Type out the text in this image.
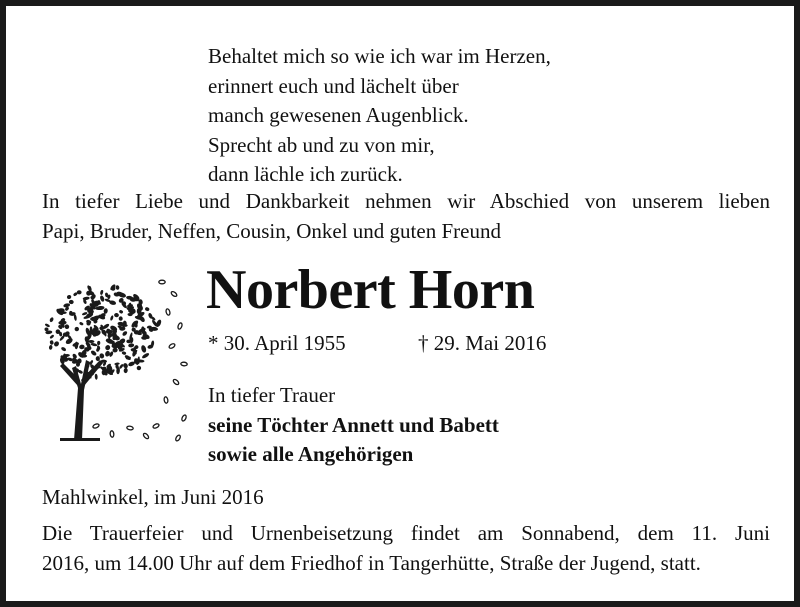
Behaltet mich so wie ich war im Herzen,
erinnert euch und lächelt über
manch gewesenen Augenblick.
Sprecht ab und zu von mir,
dann lächle ich zurück.
In tiefer Liebe und Dankbarkeit nehmen wir Abschied von unserem lieben
Papi, Bruder, Neffen, Cousin, Onkel und guten Freund
Norbert Horn
* 30. April 1955	† 29. Mai 2016
In tiefer Trauer
seine Töchter Annett und Babett
sowie alle Angehörigen
Mahlwinkel, im Juni 2016
Die Trauerfeier und Urnenbeisetzung findet am Sonnabend, dem 11. Juni
2016, um 14.00 Uhr auf dem Friedhof in Tangerhütte, Straße der Jugend, statt.
